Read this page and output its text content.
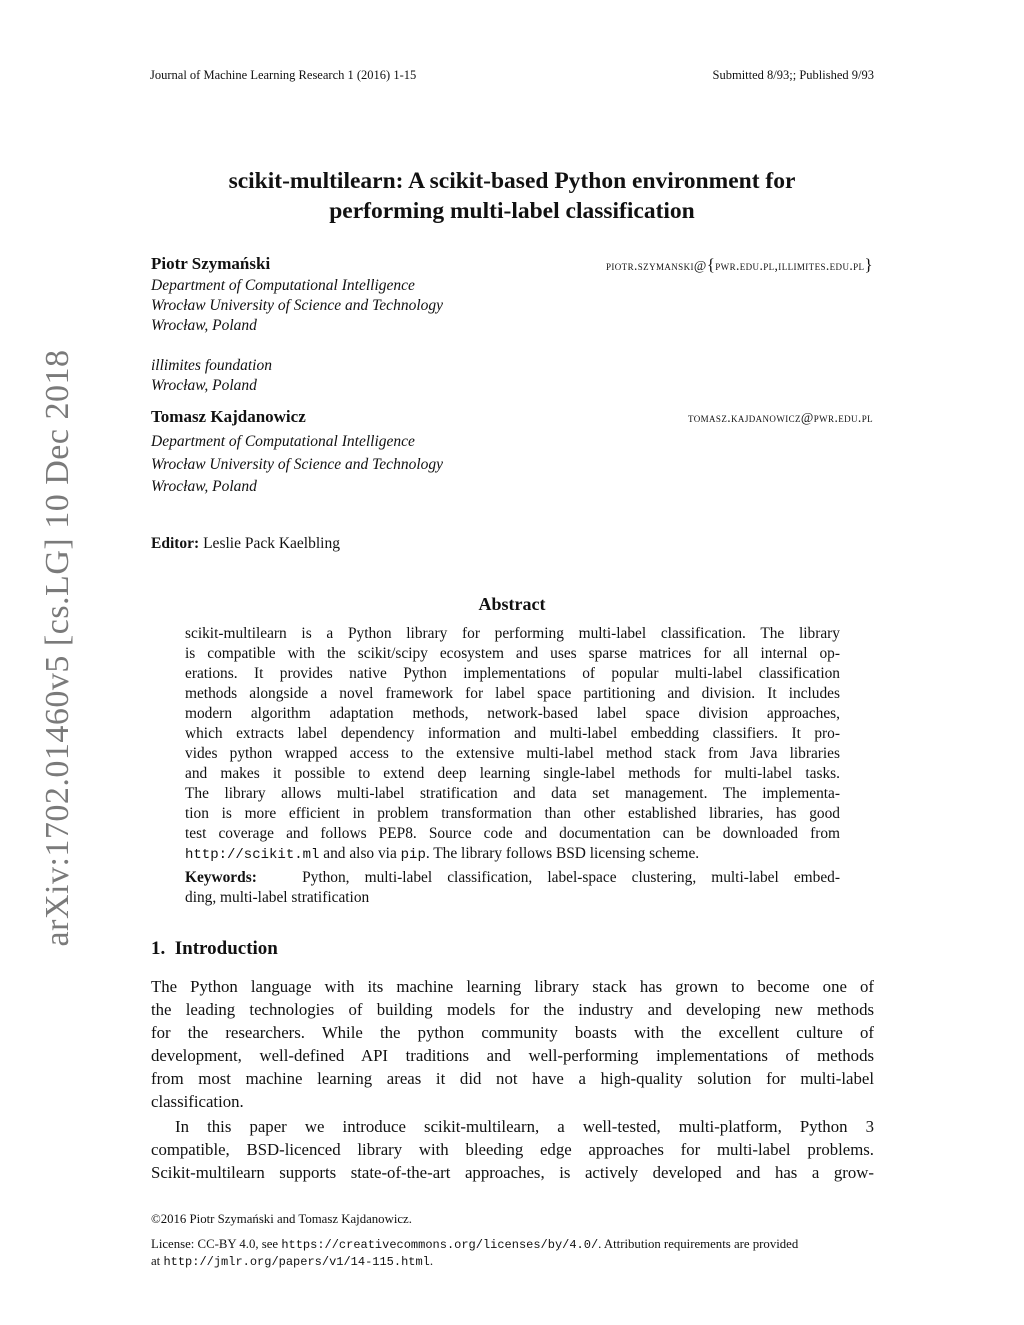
arXiv:1702.01460v5 [cs.LG] 10 Dec 2018
Journal of Machine Learning Research 1 (2016) 1-15	Submitted 8/93;; Published 9/93
scikit-multilearn: A scikit-based Python environment for
performing multi-label classification
Piotr Szymański	piotr.szymanski@{pwr.edu.pl,illimites.edu.pl}
Department of Computational Intelligence
Wrocław University of Science and Technology
Wrocław, Poland
illimites foundation
Wrocław, Poland
Tomasz Kajdanowicz	tomasz.kajdanowicz@pwr.edu.pl
Department of Computational Intelligence
Wrocław University of Science and Technology
Wrocław, Poland
Editor: Leslie Pack Kaelbling
Abstract
scikit-multilearn is a Python library for performing multi-label classification. The library
is compatible with the scikit/scipy ecosystem and uses sparse matrices for all internal op-
erations. It provides native Python implementations of popular multi-label classification
methods alongside a novel framework for label space partitioning and division. It includes
modern algorithm adaptation methods, network-based label space division approaches,
which extracts label dependency information and multi-label embedding classifiers. It pro-
vides python wrapped access to the extensive multi-label method stack from Java libraries
and makes it possible to extend deep learning single-label methods for multi-label tasks.
The library allows multi-label stratification and data set management. The implementa-
tion is more efficient in problem transformation than other established libraries, has good
test coverage and follows PEP8. Source code and documentation can be downloaded from
http://scikit.ml and also via pip. The library follows BSD licensing scheme.
Keywords:	Python, multi-label classification, label-space clustering, multi-label embed-
ding, multi-label stratification
1. Introduction
The Python language with its machine learning library stack has grown to become one of
the leading technologies of building models for the industry and developing new methods
for the researchers. While the python community boasts with the excellent culture of
development, well-defined API traditions and well-performing implementations of methods
from most machine learning areas it did not have a high-quality solution for multi-label
classification.
In this paper we introduce scikit-multilearn, a well-tested, multi-platform, Python 3
compatible, BSD-licenced library with bleeding edge approaches for multi-label problems.
Scikit-multilearn supports state-of-the-art approaches, is actively developed and has a grow-
©2016 Piotr Szymański and Tomasz Kajdanowicz.
License: CC-BY 4.0, see https://creativecommons.org/licenses/by/4.0/. Attribution requirements are provided
at http://jmlr.org/papers/v1/14-115.html.
